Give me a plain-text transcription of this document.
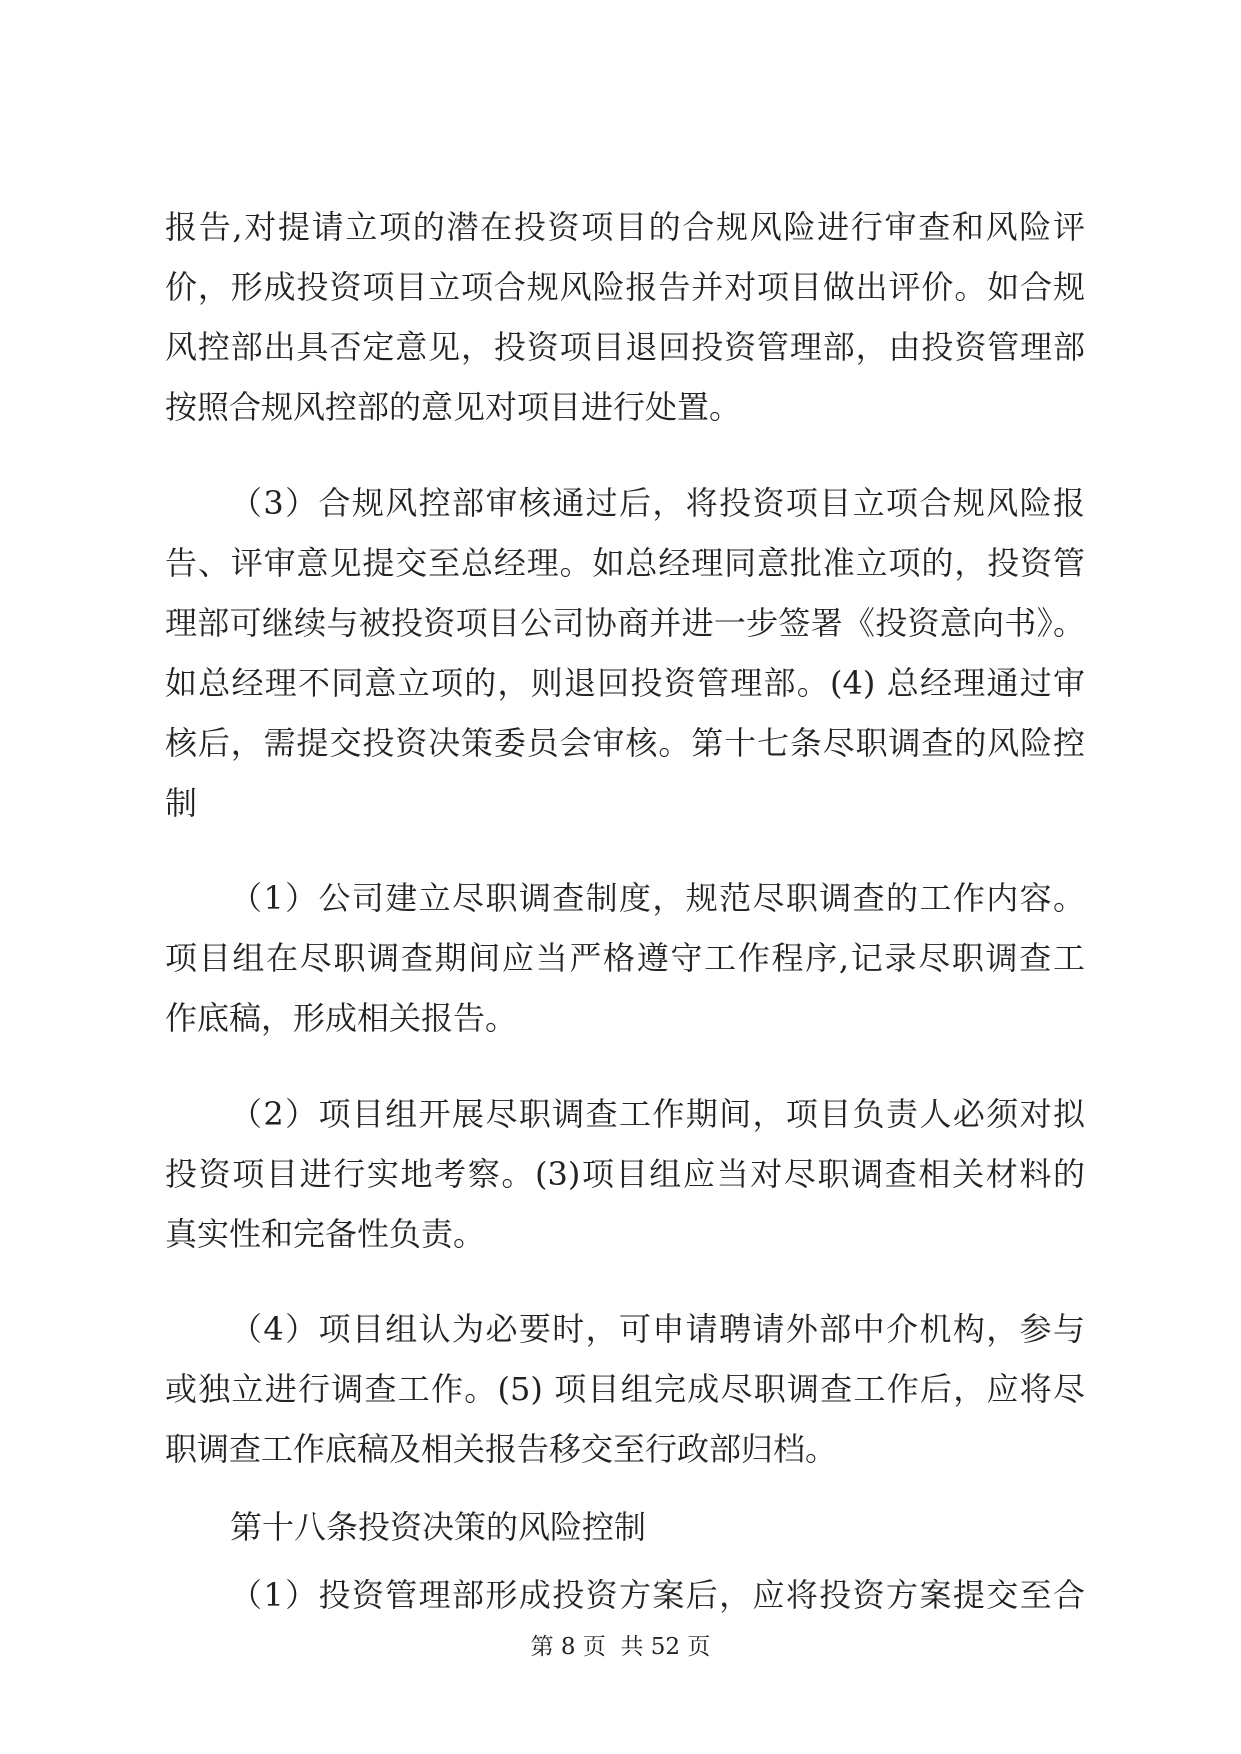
报告,对提请立项的潜在投资项目的合规风险进行审查和风险评

价，形成投资项目立项合规风险报告并对项目做出评价。如合规

风控部出具否定意见，投资项目退回投资管理部，由投资管理部

按照合规风控部的意见对项目进行处置。

（3）合规风控部审核通过后，将投资项目立项合规风险报

告、评审意见提交至总经理。如总经理同意批准立项的，投资管

理部可继续与被投资项目公司协商并进一步签署《投资意向书》。

如总经理不同意立项的，则退回投资管理部。(4) 总经理通过审

核后，需提交投资决策委员会审核。第十七条尽职调查的风险控

制

（1）公司建立尽职调查制度，规范尽职调查的工作内容。

项目组在尽职调查期间应当严格遵守工作程序,记录尽职调查工

作底稿，形成相关报告。

（2）项目组开展尽职调查工作期间，项目负责人必须对拟

投资项目进行实地考察。(3)项目组应当对尽职调查相关材料的

真实性和完备性负责。

（4）项目组认为必要时，可申请聘请外部中介机构，参与

或独立进行调查工作。(5) 项目组完成尽职调查工作后，应将尽

职调查工作底稿及相关报告移交至行政部归档。

第十八条投资决策的风险控制

（1）投资管理部形成投资方案后，应将投资方案提交至合

第 8 页  共 52 页
